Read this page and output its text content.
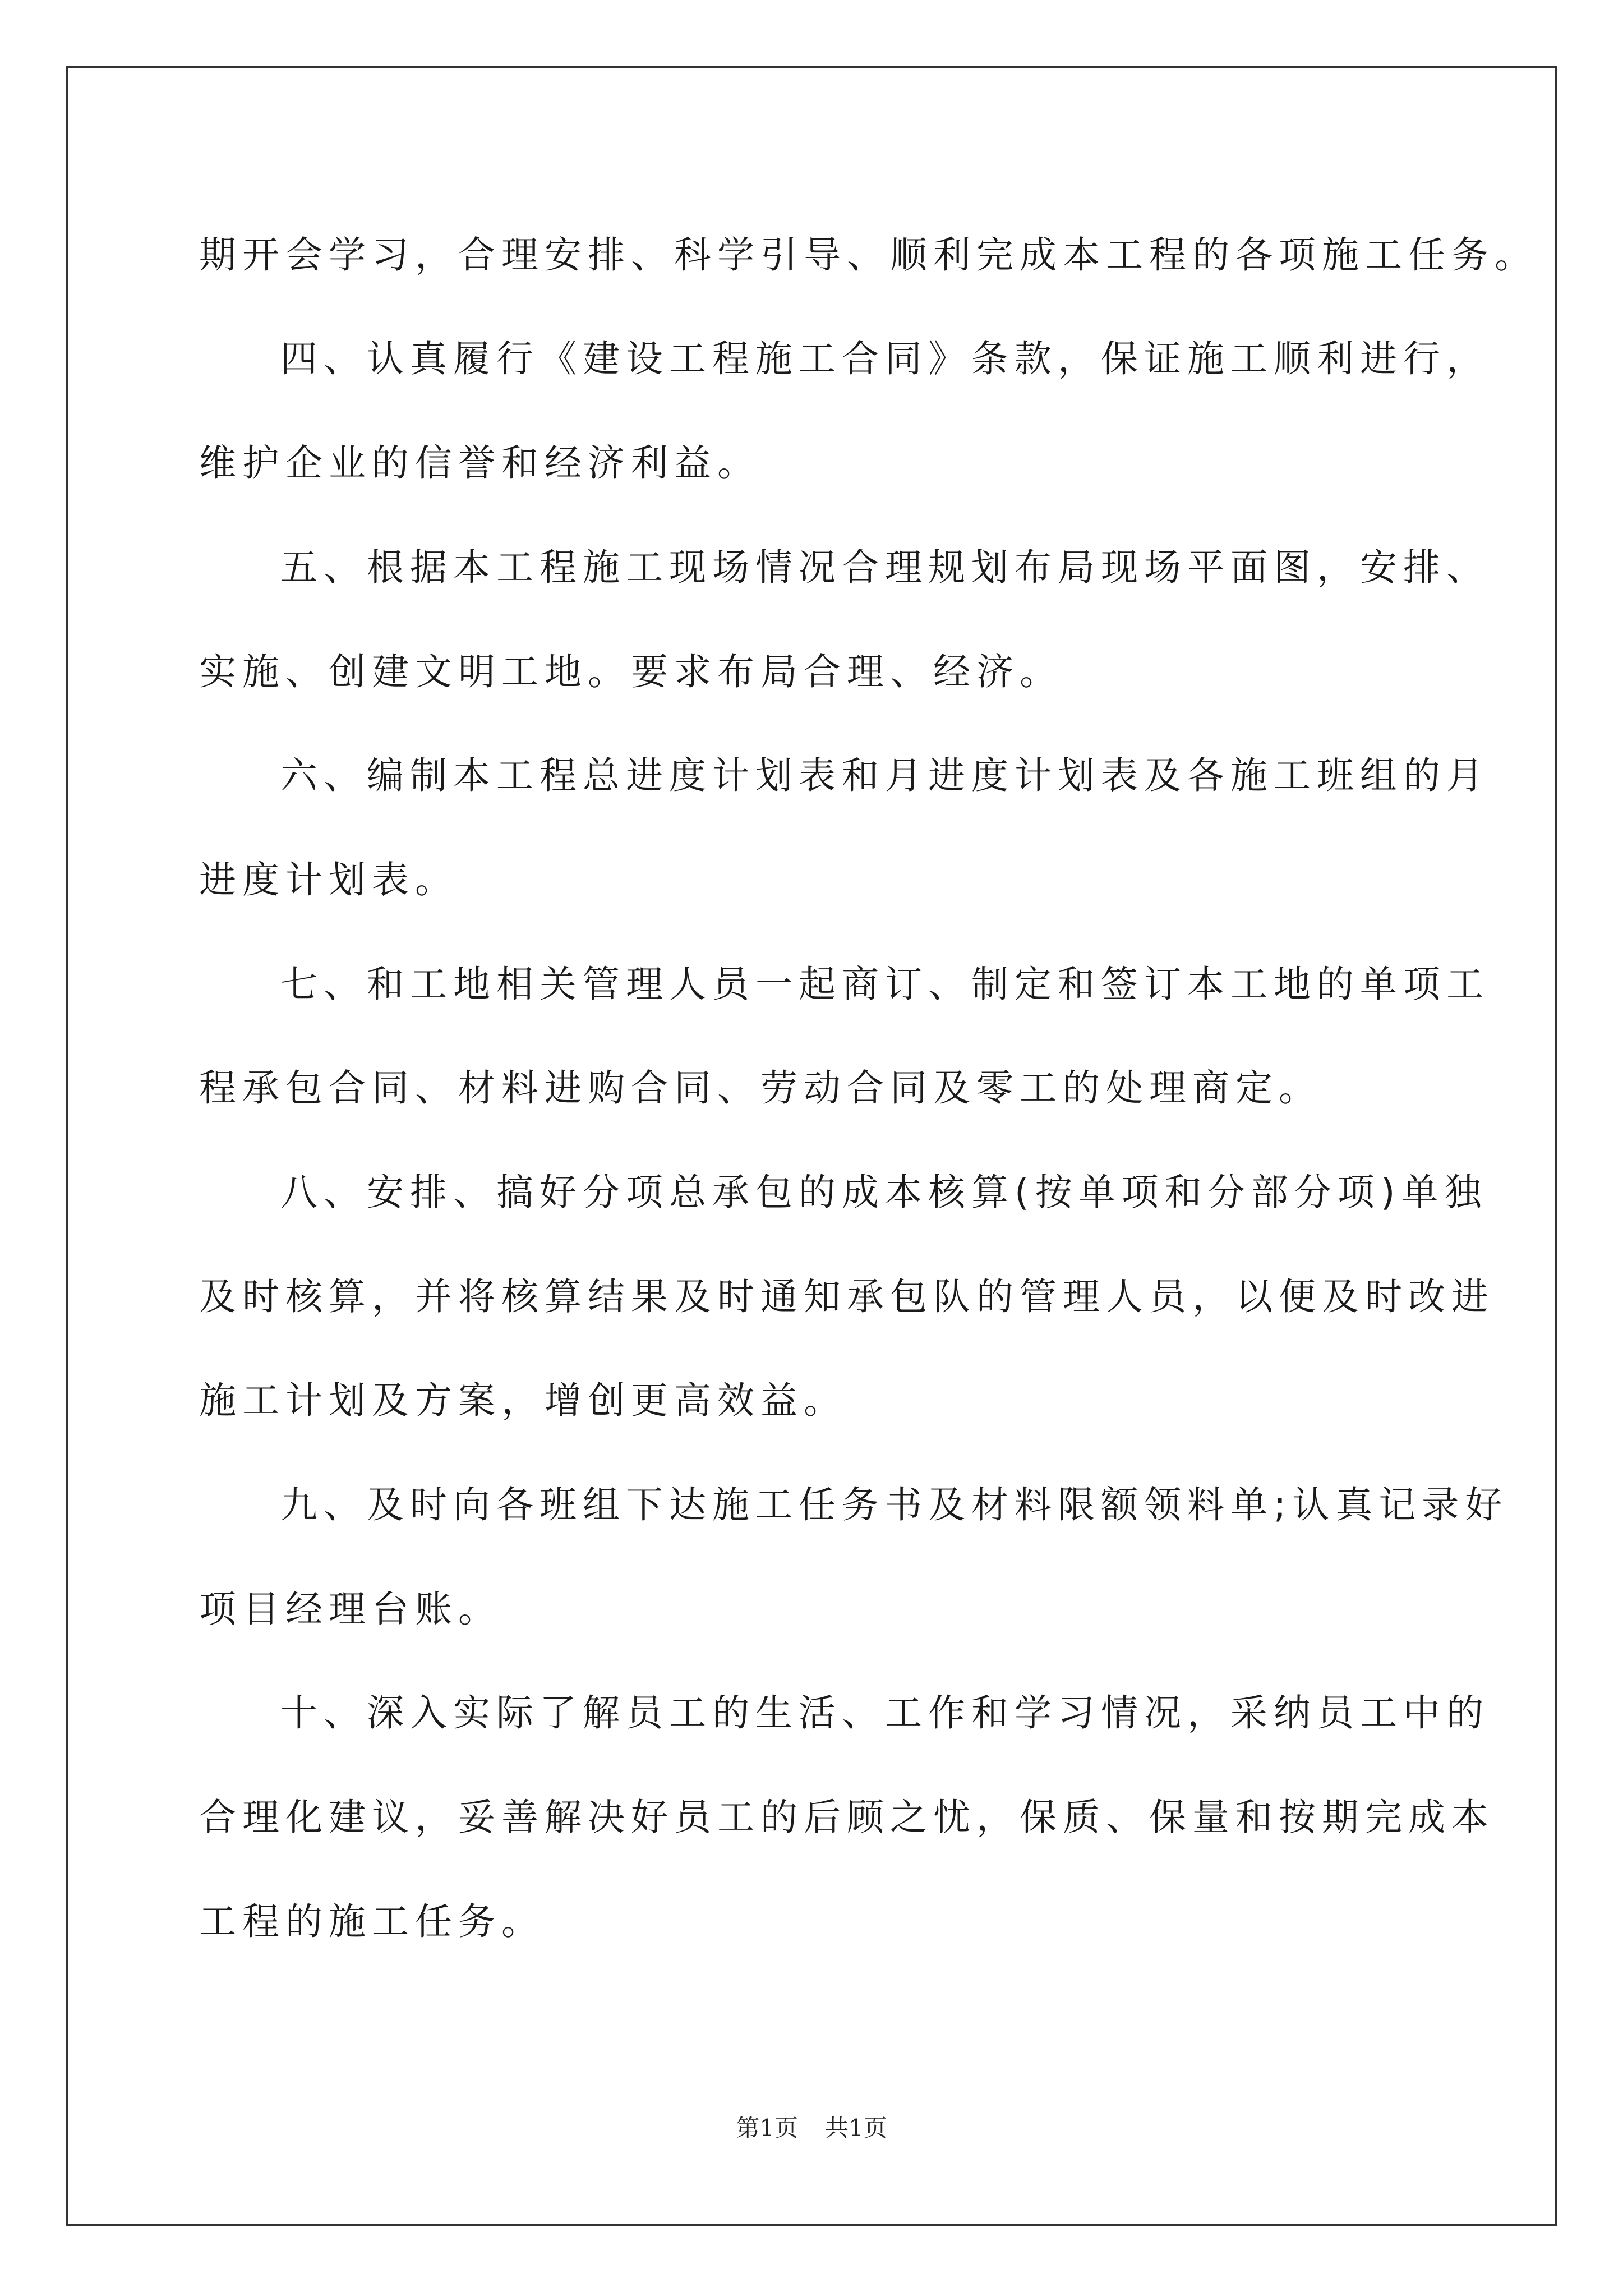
期开会学习，合理安排、科学引导、顺利完成本工程的各项施工任务。
四、认真履行《建设工程施工合同》条款，保证施工顺利进行，
维护企业的信誉和经济利益。
五、根据本工程施工现场情况合理规划布局现场平面图，安排、
实施、创建文明工地。要求布局合理、经济。
六、编制本工程总进度计划表和月进度计划表及各施工班组的月
进度计划表。
七、和工地相关管理人员一起商订、制定和签订本工地的单项工
程承包合同、材料进购合同、劳动合同及零工的处理商定。
八、安排、搞好分项总承包的成本核算(按单项和分部分项)单独
及时核算，并将核算结果及时通知承包队的管理人员，以便及时改进
施工计划及方案，增创更高效益。
九、及时向各班组下达施工任务书及材料限额领料单;认真记录好
项目经理台账。
十、深入实际了解员工的生活、工作和学习情况，采纳员工中的
合理化建议，妥善解决好员工的后顾之忧，保质、保量和按期完成本
工程的施工任务。
第1页 共1页
